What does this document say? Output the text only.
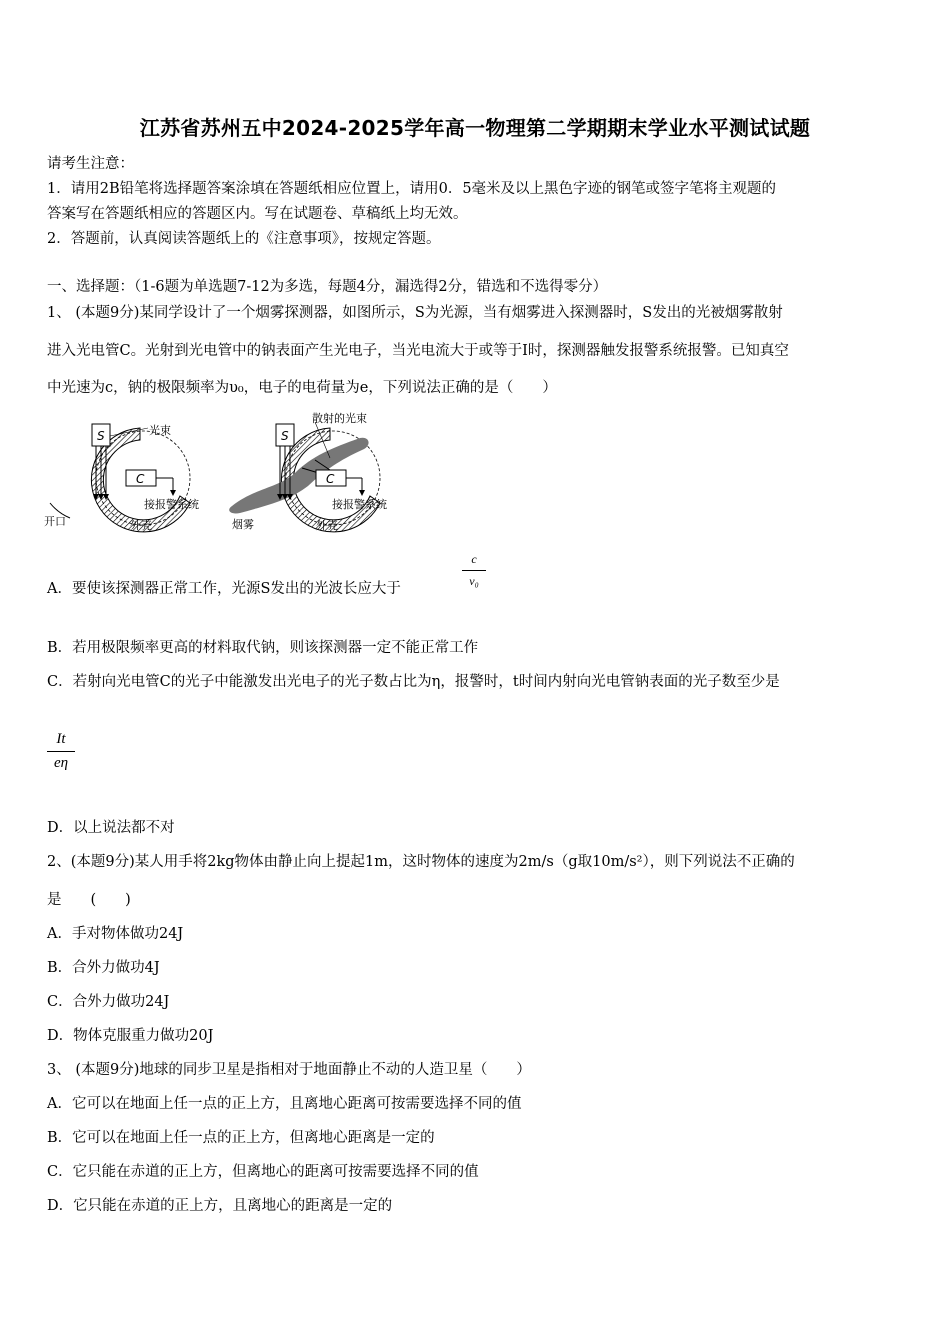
江苏省苏州五中2024-2025学年高一物理第二学期期末学业水平测试试题
请考生注意：
1．请用2B铅笔将选择题答案涂填在答题纸相应位置上，请用0．5毫米及以上黑色字迹的钢笔或签字笔将主观题的
答案写在答题纸相应的答题区内。写在试题卷、草稿纸上均无效。
2．答题前，认真阅读答题纸上的《注意事项》，按规定答题。
一、选择题：（1-6题为单选题7-12为多选，每题4分，漏选得2分，错选和不选得零分）
1、 (本题9分)某同学设计了一个烟雾探测器，如图所示，S为光源，当有烟雾进入探测器时，S发出的光被烟雾散射
进入光电管C。光射到光电管中的钠表面产生光电子，当光电流大于或等于I时，探测器触发报警系统报警。已知真空
中光速为c，钠的极限频率为υ₀，电子的电荷量为e，下列说法正确的是（　　）
S
C
光束
接报警系统
开口	外壳
S
C
散射的光束
接报警系统
烟雾	外壳
A．要使该探测器正常工作，光源S发出的光波长应大于
c
ν₀
B．若用极限频率更高的材料取代钠，则该探测器一定不能正常工作
C．若射向光电管C的光子中能激发出光电子的光子数占比为η，报警时，t时间内射向光电管钠表面的光子数至少是
It
eη
D．以上说法都不对
2、(本题9分)某人用手将2kg物体由静止向上提起1m，这时物体的速度为2m/s（g取10m/s²），则下列说法不正确的
是　　(　　)
A．手对物体做功24J
B．合外力做功4J
C．合外力做功24J
D．物体克服重力做功20J
3、 (本题9分)地球的同步卫星是指相对于地面静止不动的人造卫星（　　）
A．它可以在地面上任一点的正上方，且离地心距离可按需要选择不同的值
B．它可以在地面上任一点的正上方，但离地心距离是一定的
C．它只能在赤道的正上方，但离地心的距离可按需要选择不同的值
D．它只能在赤道的正上方，且离地心的距离是一定的
